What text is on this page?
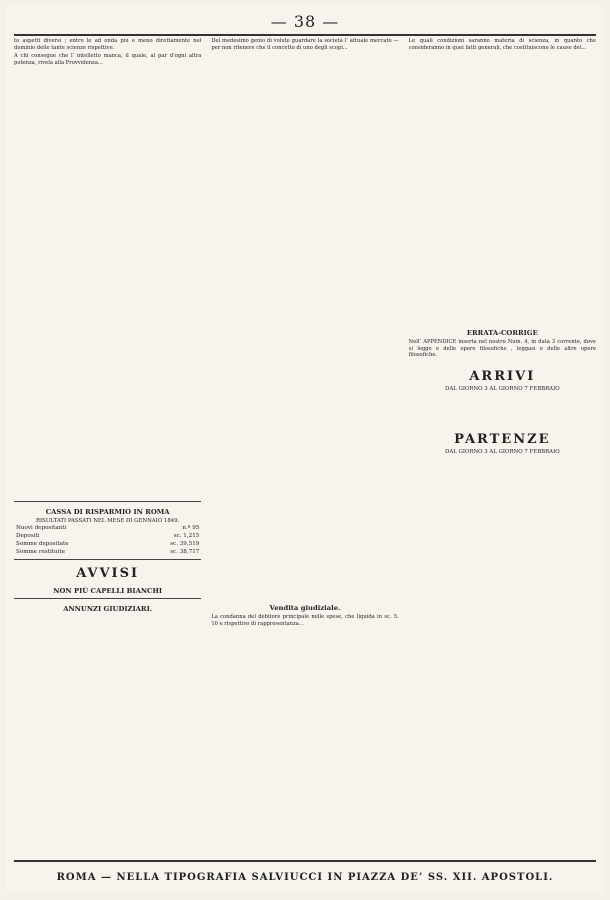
— 38 —

to aspetti diversi ; entro le ad onda più e meno direttamente nel dominio delle tante scienze rispettive.

A chi consegue che l’ intelletto manca, il quale, al par d’ogni altra potenza, rivela alla Provvidenza...

CASSA DI RISPARMIO IN ROMA
RISULTATI PASSATI NEL MESE DI GENNAIO 1849.
Nuovi depositanti	n.º 95
Depositi	sc. 1,215
Somme depositate	sc. 39,519
Somme restituite	sc. 38,717
AVVISI
NON PIÙ CAPELLI BIANCHI
ANNUNZI GIUDIZIARI.

Del medesimo genio di volute guardare la società l’ attuale mercato — per non ritenere che il concetto di uno degli scopi...

Vendita giudiziale.
La condanna del debitore principale nelle spese, che liquida in sc. 5. 10 e rispettivo di rappresentanza...

Le quali condizioni saranno materia di scienza, in quanto che consideranno in quei fatti generali, che costituiscono le cause del...

ERRATA-CORRIGE
Nell’ APPENDICE inserta nel nostro Num. 4, in data 3 corrente, dove si legge e delle opere filosofiche , leggasi e delle altre opere filosofiche.
ARRIVI
DAL GIORNO 3 AL GIORNO 7 FEBBRAIO
PARTENZE
DAL GIORNO 3 AL GIORNO 7 FEBBRAIO
ROMA — NELLA TIPOGRAFIA SALVIUCCI IN PIAZZA DE’ SS. XII. APOSTOLI.
